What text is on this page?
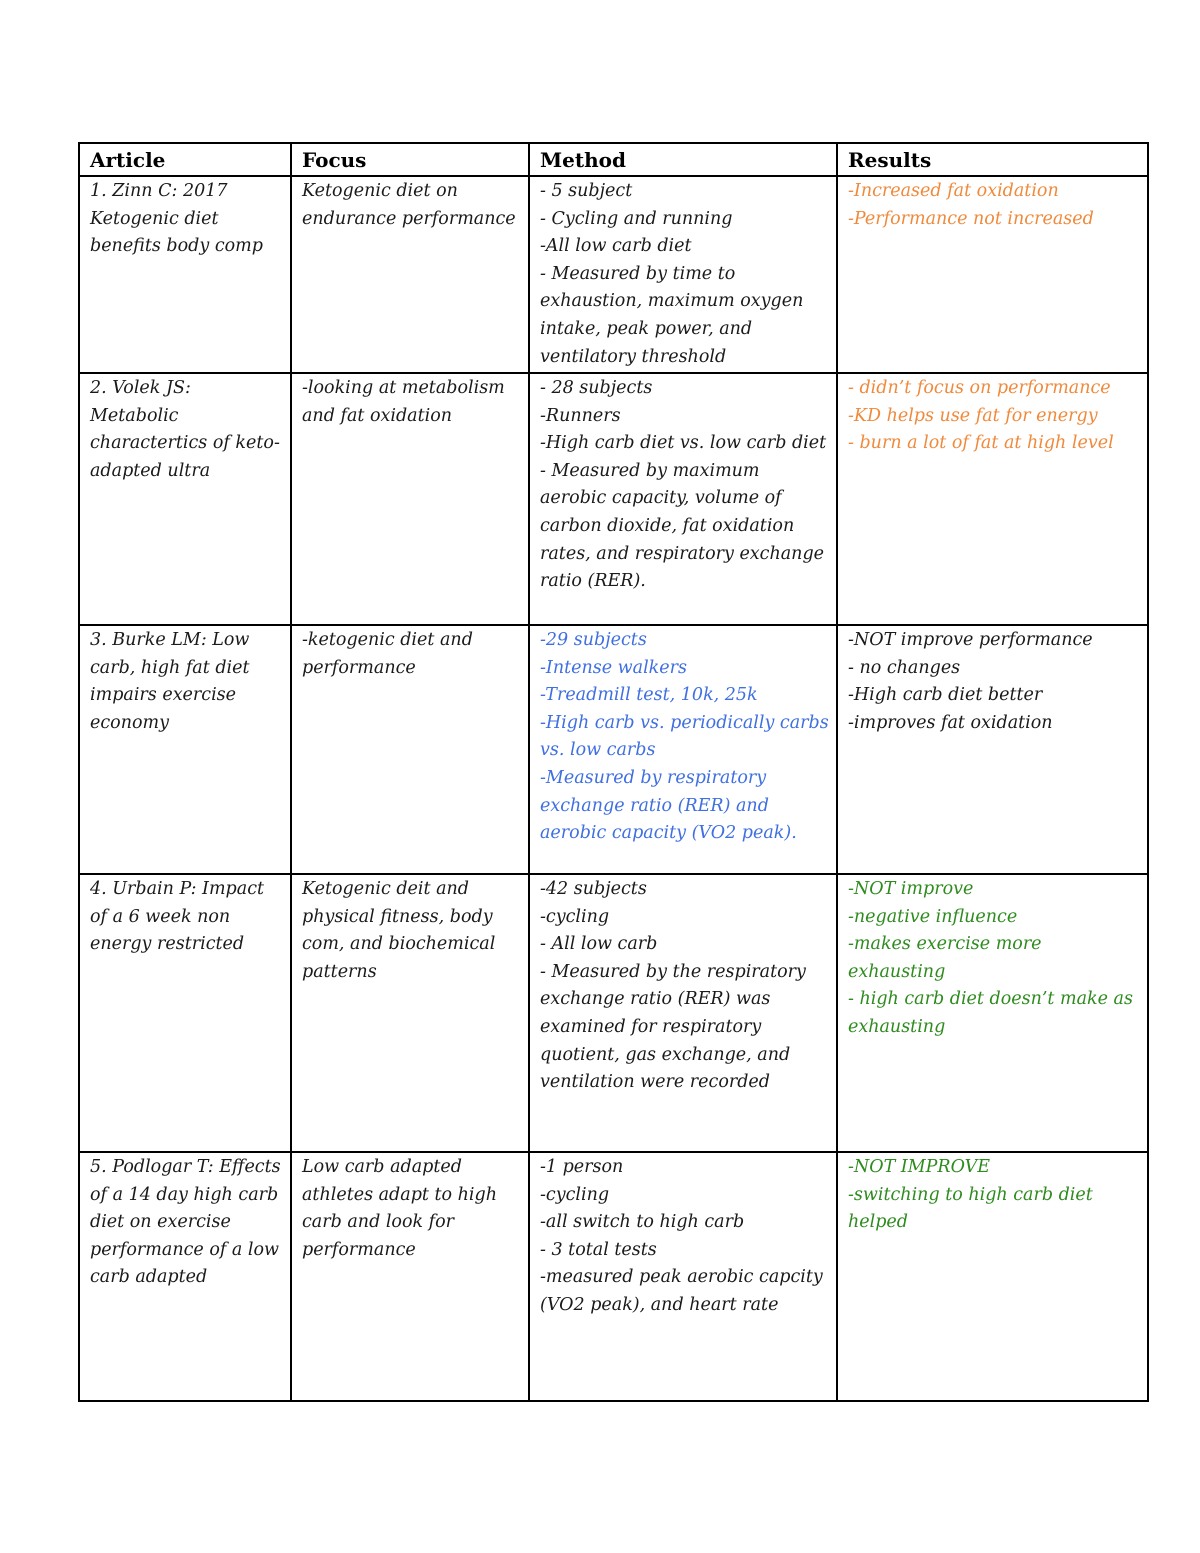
Article	Focus	Method	Results

1. Zinn C: 2017 Ketogenic diet benefits body comp	Ketogenic diet on endurance performance	- 5 subject
- Cycling and running
-All low carb diet
- Measured by time to exhaustion, maximum oxygen intake, peak power, and ventilatory threshold	-Increased fat oxidation
-Performance not increased

2. Volek JS: Metabolic charactertics of keto-adapted ultra	-looking at metabolism and fat oxidation	- 28 subjects
-Runners
-High carb diet vs. low carb diet
- Measured by maximum aerobic capacity, volume of carbon dioxide, fat oxidation rates, and respiratory exchange ratio (RER).	- didn’t focus on performance
-KD helps use fat for energy
- burn a lot of fat at high level

3. Burke LM: Low carb, high fat diet impairs exercise economy	-ketogenic diet and performance	-29 subjects
-Intense walkers
-Treadmill test, 10k, 25k
-High carb vs. periodically carbs vs. low carbs
-Measured by respiratory exchange ratio (RER) and aerobic capacity (VO2 peak).	-NOT improve performance
- no changes
-High carb diet better
-improves fat oxidation

4. Urbain P: Impact of a 6 week non energy restricted	Ketogenic deit and physical fitness, body com, and biochemical patterns	-42 subjects
-cycling
- All low carb
- Measured by the respiratory exchange ratio (RER) was examined for respiratory quotient, gas exchange, and ventilation were recorded	-NOT improve
-negative influence
-makes exercise more exhausting
- high carb diet doesn’t make as exhausting

5. Podlogar T: Effects of a 14 day high carb diet on exercise performance of a low carb adapted	Low carb adapted athletes adapt to high carb and look for performance	-1 person
-cycling
-all switch to high carb
- 3 total tests
-measured peak aerobic capcity (VO2 peak), and heart rate	-NOT IMPROVE
-switching to high carb diet helped
